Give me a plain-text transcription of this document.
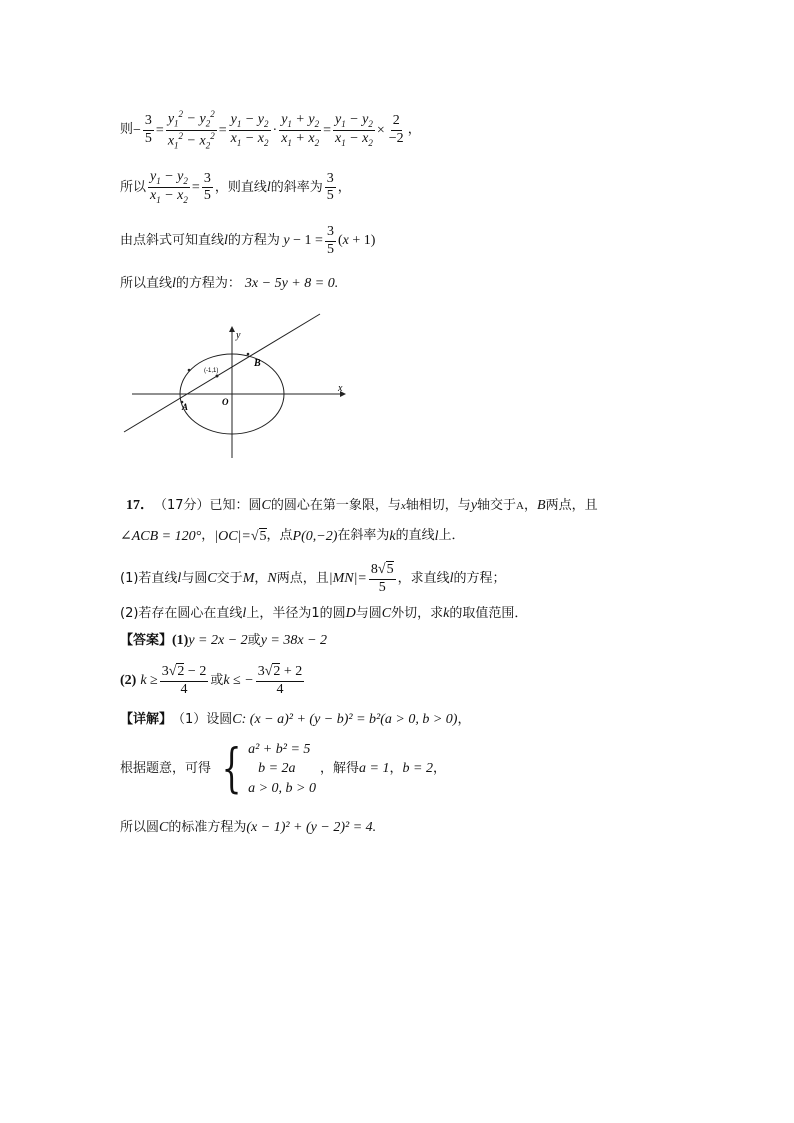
则 − $\frac{3}{5} = \frac{y_1^2 - y_2^2}{x_1^2 - x_2^2} = \frac{y_1 - y_2}{x_1 - x_2} \cdot \frac{y_1 + y_2}{x_1 + x_2} = \frac{y_1 - y_2}{x_1 - x_2} \times \frac{2}{-2}$ ，
所以 $\frac{y_1 - y_2}{x_1 - x_2} = \frac{3}{5}$ ，则直线 l 的斜率为 $\frac{3}{5}$ ，
由点斜式可知直线 l 的方程为 $y - 1 = \frac{3}{5}$ ( x + 1)
所以直线 l 的方程为： 3x − 5y + 8 = 0.
y
x
(-1,1)
B
A	O
17． （17分）已知：圆 C 的圆心在第一象限，与 x 轴相切，与 y 轴交于 A ， B 两点，且
∠ACB = 120° ， |OC|= √ 5 ，点 P(0,−2) 在斜率为 k 的直线 l 上．
(1)若直线 l 与圆 C 交于 M ， N 两点，且 $|MN|= \frac{8√5}{5}$ ，求直线 l 的方程；
(2)若存在圆心在直线 l 上，半径为1的圆 D 与圆 C 外切，求 k 的取值范围．
【答案】 (1) y = 2x − 2 或 y = 38x − 2
(2) $k \ge \frac{3√2 - 2}{4}$ 或 k ≤ − $\frac{3√2 + 2}{4}$
【详解】 （1）设圆 C: (x − a)² + (y − b)² = b²(a > 0, b > 0) ，
根据题意，可得 { a² + b² = 5
b = 2a
a > 0, b > 0
，解得 a = 1 ， b = 2 ，
所以圆 C 的标准方程为 (x − 1)² + (y − 2)² = 4.
